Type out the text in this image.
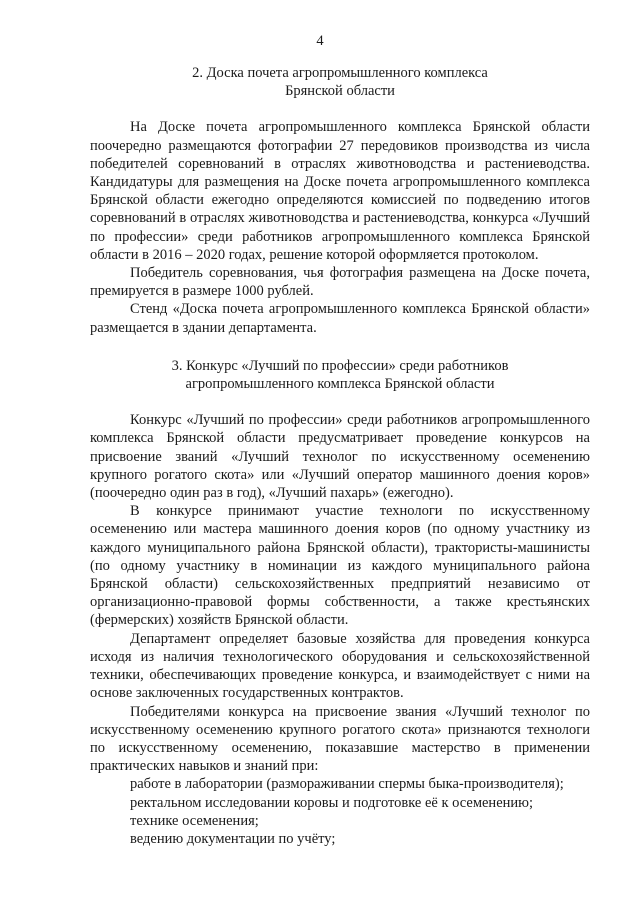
4
2. Доска почета агропромышленного комплекса
Брянской области

На Доске почета агропромышленного комплекса Брянской области поочередно размещаются фотографии 27 передовиков производства из числа победителей соревнований в отраслях животноводства и растениеводства. Кандидатуры для размещения на Доске почета агропромышленного комплекса Брянской области ежегодно определяются комиссией по подведению итогов соревнований в отраслях животноводства и растениеводства, конкурса «Лучший по профессии» среди работников агропромышленного комплекса Брянской области в 2016 – 2020 годах, решение которой оформляется протоколом.

Победитель соревнования, чья фотография размещена на Доске почета, премируется в размере 1000 рублей.

Стенд «Доска почета агропромышленного комплекса Брянской области» размещается в здании департамента.

3. Конкурс «Лучший по профессии» среди работников
агропромышленного комплекса Брянской области

Конкурс «Лучший по профессии» среди работников агропромышленного комплекса Брянской области предусматривает проведение конкурсов на присвоение званий «Лучший технолог по искусственному осеменению крупного рогатого скота» или «Лучший оператор машинного доения коров» (поочередно один раз в год), «Лучший пахарь» (ежегодно).

В конкурсе принимают участие технологи по искусственному осеменению или мастера машинного доения коров (по одному участнику из каждого муниципального района Брянской области), трактористы-машинисты (по одному участнику в номинации из каждого муниципального района Брянской области) сельскохозяйственных предприятий независимо от организационно-правовой формы собственности, а также крестьянских (фермерских) хозяйств Брянской области.

Департамент определяет базовые хозяйства для проведения конкурса исходя из наличия технологического оборудования и сельскохозяйственной техники, обеспечивающих проведение конкурса, и взаимодействует с ними на основе заключенных государственных контрактов.

Победителями конкурса на присвоение звания «Лучший технолог по искусственному осеменению крупного рогатого скота» признаются технологи по искусственному осеменению, показавшие мастерство в применении практических навыков и знаний при:

работе в лаборатории (размораживании спермы быка-производителя);
ректальном исследовании коровы и подготовке её к осеменению;
технике осеменения;
ведению документации по учёту;
